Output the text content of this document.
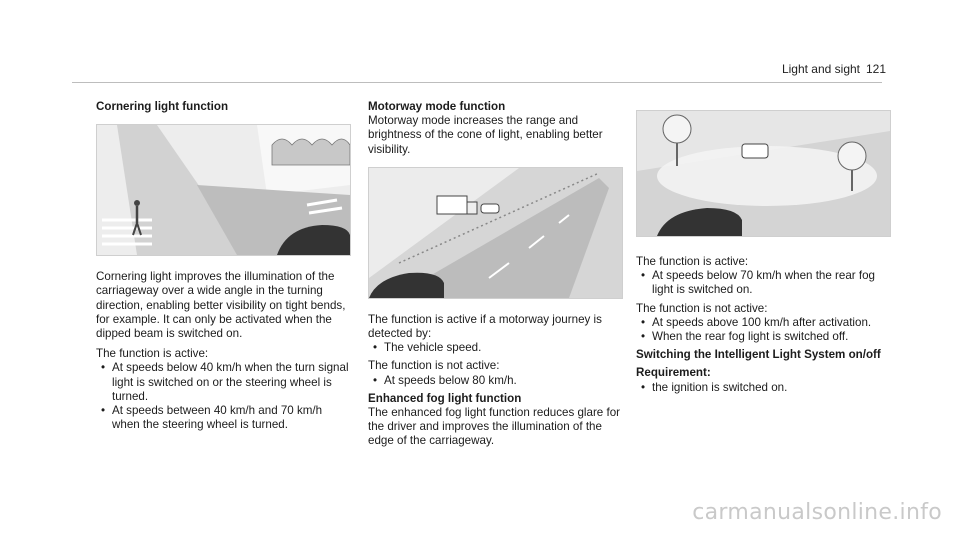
Light and sight 121
Cornering light function

Cornering light improves the illumination of the carriageway over a wide angle in the turning direction, enabling better visibility on tight bends, for example. It can only be activated when the dipped beam is switched on.

The function is active:

• At speeds below 40 km/h when the turn signal light is switched on or the steering wheel is turned.
• At speeds between 40 km/h and 70 km/h when the steering wheel is turned.
Motorway mode function

Motorway mode increases the range and brightness of the cone of light, enabling better visibility.

The function is active if a motorway journey is detected by:

• The vehicle speed.

The function is not active:

• At speeds below 80 km/h.
Enhanced fog light function

The enhanced fog light function reduces glare for the driver and improves the illumination of the edge of the carriageway.

The function is active:

• At speeds below 70 km/h when the rear fog light is switched on.

The function is not active:

• At speeds above 100 km/h after activation.
• When the rear fog light is switched off.
Switching the Intelligent Light System on/off
Requirement:
• the ignition is switched on.
carmanualsonline.info
